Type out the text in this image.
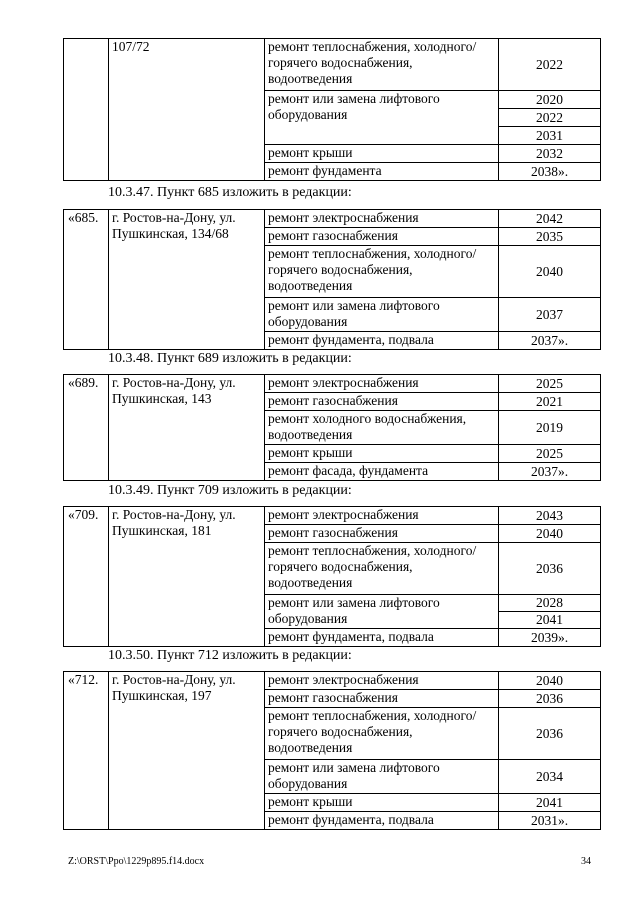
	107/72	ремонт теплоснабжения, холодного/горячего водоснабжения, водоотведения	2022
		ремонт или замена лифтового оборудования	2020
			2022
			2031
		ремонт крыши	2032
		ремонт фундамента	2038».
10.3.47. Пункт 685 изложить в редакции:
«685.	г. Ростов-на-Дону, ул. Пушкинская, 134/68	ремонт электроснабжения	2042
		ремонт газоснабжения	2035
		ремонт теплоснабжения, холодного/горячего водоснабжения, водоотведения	2040
		ремонт или замена лифтового оборудования	2037
		ремонт фундамента, подвала	2037».
10.3.48. Пункт 689 изложить в редакции:
«689.	г. Ростов-на-Дону, ул. Пушкинская, 143	ремонт электроснабжения	2025
		ремонт газоснабжения	2021
		ремонт холодного водоснабжения, водоотведения	2019
		ремонт крыши	2025
		ремонт фасада, фундамента	2037».
10.3.49. Пункт 709 изложить в редакции:
«709.	г. Ростов-на-Дону, ул. Пушкинская, 181	ремонт электроснабжения	2043
		ремонт газоснабжения	2040
		ремонт теплоснабжения, холодного/горячего водоснабжения, водоотведения	2036
		ремонт или замена лифтового оборудования	2028
			2041
		ремонт фундамента, подвала	2039».
10.3.50. Пункт 712 изложить в редакции:
«712.	г. Ростов-на-Дону, ул. Пушкинская, 197	ремонт электроснабжения	2040
		ремонт газоснабжения	2036
		ремонт теплоснабжения, холодного/горячего водоснабжения, водоотведения	2036
		ремонт или замена лифтового оборудования	2034
		ремонт крыши	2041
		ремонт фундамента, подвала	2031».
Z:\ORST\Ppo\1229p895.f14.docx	34
